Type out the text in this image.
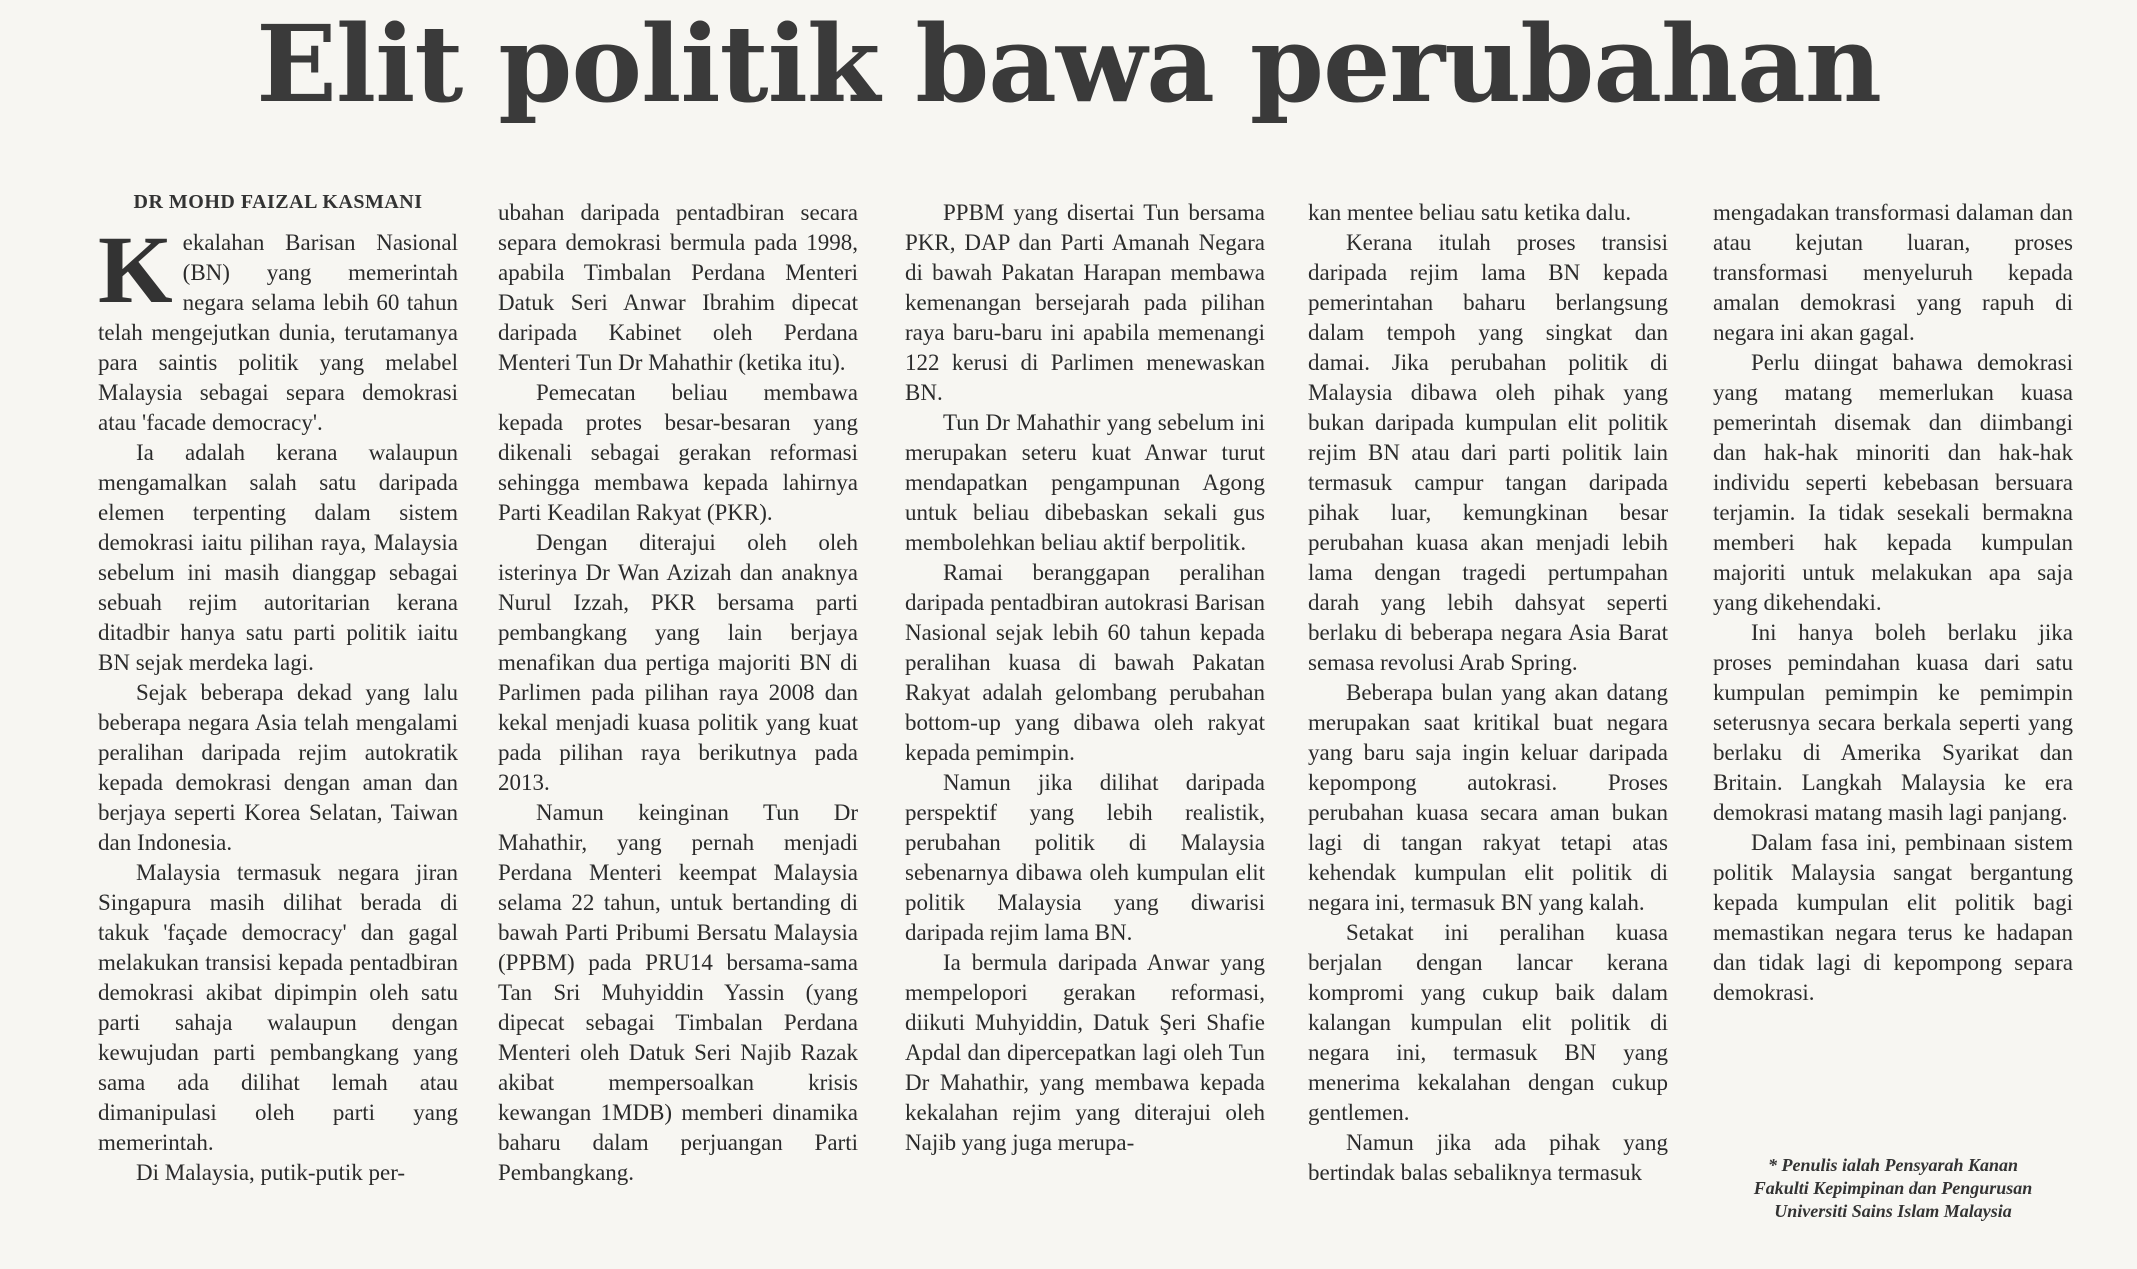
Elit politik bawa perubahan
DR MOHD FAIZAL KASMANI

Kekalahan Barisan Nasional (BN) yang memerintah negara selama lebih 60 tahun telah mengejutkan dunia, terutamanya para saintis politik yang melabel Malaysia sebagai separa demokrasi atau 'facade democracy'.

Ia adalah kerana walaupun mengamalkan salah satu daripada elemen terpenting dalam sistem demokrasi iaitu pilihan raya, Malaysia sebelum ini masih dianggap sebagai sebuah rejim autoritarian kerana ditadbir hanya satu parti politik iaitu BN sejak merdeka lagi.

Sejak beberapa dekad yang lalu beberapa negara Asia telah mengalami peralihan daripada rejim autokratik kepada demokrasi dengan aman dan berjaya seperti Korea Selatan, Taiwan dan Indonesia.

Malaysia termasuk negara jiran Singapura masih dilihat berada di takuk 'façade democracy' dan gagal melakukan transisi kepada pentadbiran demokrasi akibat dipimpin oleh satu parti sahaja walaupun dengan kewujudan parti pembangkang yang sama ada dilihat lemah atau dimanipulasi oleh parti yang memerintah.

Di Malaysia, putik-putik per-

ubahan daripada pentadbiran secara separa demokrasi bermula pada 1998, apabila Timbalan Perdana Menteri Datuk Seri Anwar Ibrahim dipecat daripada Kabinet oleh Perdana Menteri Tun Dr Mahathir (ketika itu).

Pemecatan beliau membawa kepada protes besar-besaran yang dikenali sebagai gerakan reformasi sehingga membawa kepada lahirnya Parti Keadilan Rakyat (PKR).

Dengan diterajui oleh oleh isterinya Dr Wan Azizah dan anaknya Nurul Izzah, PKR bersama parti pembangkang yang lain berjaya menafikan dua pertiga majoriti BN di Parlimen pada pilihan raya 2008 dan kekal menjadi kuasa politik yang kuat pada pilihan raya berikutnya pada 2013.

Namun keinginan Tun Dr Mahathir, yang pernah menjadi Perdana Menteri keempat Malaysia selama 22 tahun, untuk bertanding di bawah Parti Pribumi Bersatu Malaysia (PPBM) pada PRU14 bersama-sama Tan Sri Muhyiddin Yassin (yang dipecat sebagai Timbalan Perdana Menteri oleh Datuk Seri Najib Razak akibat mempersoalkan krisis kewangan 1MDB) memberi dinamika baharu dalam perjuangan Parti Pembangkang.

PPBM yang disertai Tun bersama PKR, DAP dan Parti Amanah Negara di bawah Pakatan Harapan membawa kemenangan bersejarah pada pilihan raya baru-baru ini apabila memenangi 122 kerusi di Parlimen menewaskan BN.

Tun Dr Mahathir yang sebelum ini merupakan seteru kuat Anwar turut mendapatkan pengampunan Agong untuk beliau dibebaskan sekali gus membolehkan beliau aktif berpolitik.

Ramai beranggapan peralihan daripada pentadbiran autokrasi Barisan Nasional sejak lebih 60 tahun kepada peralihan kuasa di bawah Pakatan Rakyat adalah gelombang perubahan bottom-up yang dibawa oleh rakyat kepada pemimpin.

Namun jika dilihat daripada perspektif yang lebih realistik, perubahan politik di Malaysia sebenarnya dibawa oleh kumpulan elit politik Malaysia yang diwarisi daripada rejim lama BN.

Ia bermula daripada Anwar yang mempelopori gerakan reformasi, diikuti Muhyiddin, Datuk Şeri Shafie Apdal dan dipercepatkan lagi oleh Tun Dr Mahathir, yang membawa kepada kekalahan rejim yang diterajui oleh Najib yang juga merupa-

kan mentee beliau satu ketika dalu.

Kerana itulah proses transisi daripada rejim lama BN kepada pemerintahan baharu berlangsung dalam tempoh yang singkat dan damai. Jika perubahan politik di Malaysia dibawa oleh pihak yang bukan daripada kumpulan elit politik rejim BN atau dari parti politik lain termasuk campur tangan daripada pihak luar, kemungkinan besar perubahan kuasa akan menjadi lebih lama dengan tragedi pertumpahan darah yang lebih dahsyat seperti berlaku di beberapa negara Asia Barat semasa revolusi Arab Spring.

Beberapa bulan yang akan datang merupakan saat kritikal buat negara yang baru saja ingin keluar daripada kepompong autokrasi. Proses perubahan kuasa secara aman bukan lagi di tangan rakyat tetapi atas kehendak kumpulan elit politik di negara ini, termasuk BN yang kalah.

Setakat ini peralihan kuasa berjalan dengan lancar kerana kompromi yang cukup baik dalam kalangan kumpulan elit politik di negara ini, termasuk BN yang menerima kekalahan dengan cukup gentlemen.

Namun jika ada pihak yang bertindak balas sebaliknya termasuk

mengadakan transformasi dalaman dan atau kejutan luaran, proses transformasi menyeluruh kepada amalan demokrasi yang rapuh di negara ini akan gagal.

Perlu diingat bahawa demokrasi yang matang memerlukan kuasa pemerintah disemak dan diimbangi dan hak-hak minoriti dan hak-hak individu seperti kebebasan bersuara terjamin. Ia tidak sesekali bermakna memberi hak kepada kumpulan majoriti untuk melakukan apa saja yang dikehendaki.

Ini hanya boleh berlaku jika proses pemindahan kuasa dari satu kumpulan pemimpin ke pemimpin seterusnya secara berkala seperti yang berlaku di Amerika Syarikat dan Britain. Langkah Malaysia ke era demokrasi matang masih lagi panjang.

Dalam fasa ini, pembinaan sistem politik Malaysia sangat bergantung kepada kumpulan elit politik bagi memastikan negara terus ke hadapan dan tidak lagi di kepompong separa demokrasi.

* Penulis ialah Pensyarah Kanan
Fakulti Kepimpinan dan Pengurusan
Universiti Sains Islam Malaysia
